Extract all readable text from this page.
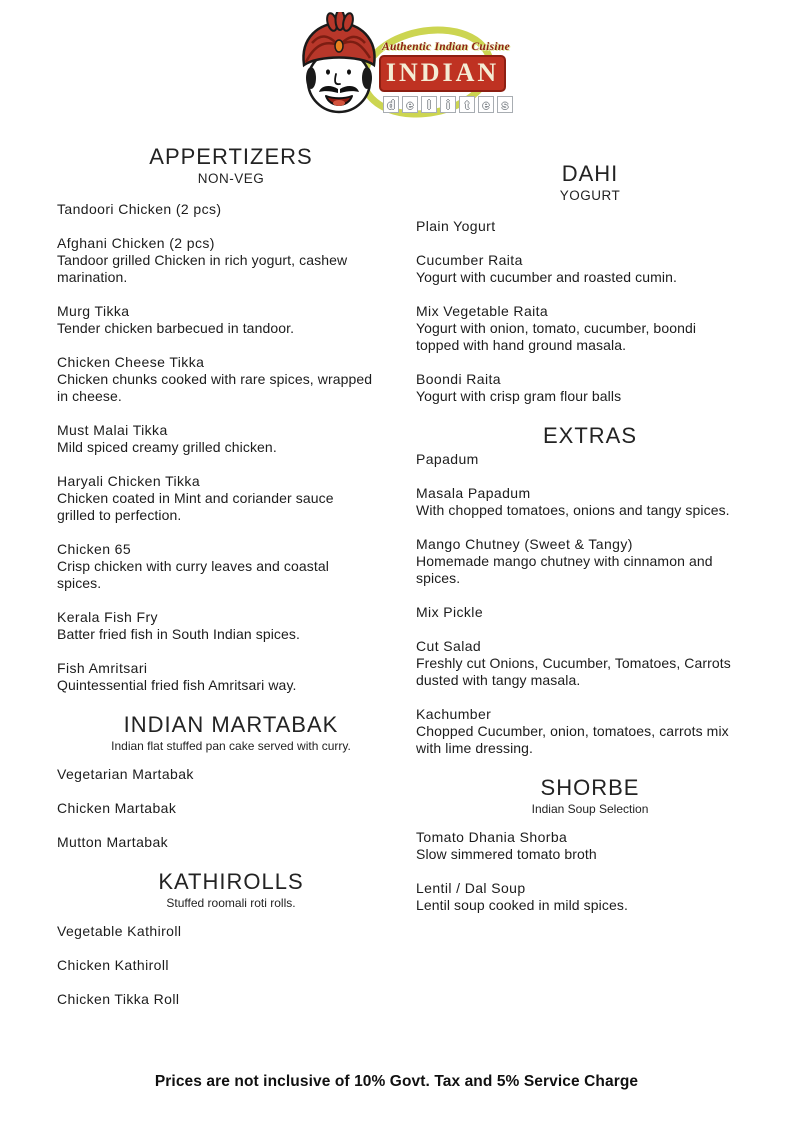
Authentic Indian Cuisine
INDIAN
d e	l	i	t	e	s
APPERTIZERS
NON-VEG
Tandoori Chicken (2 pcs)
Afghani Chicken (2 pcs)
Tandoor grilled Chicken in rich yogurt, cashew marination.
Murg Tikka
Tender chicken barbecued in tandoor.
Chicken Cheese Tikka
Chicken chunks cooked with rare spices, wrapped in cheese.
Must Malai Tikka
Mild spiced creamy grilled chicken.
Haryali Chicken Tikka
Chicken coated in Mint and coriander sauce grilled to perfection.
Chicken 65
Crisp chicken with curry leaves and coastal spices.
Kerala Fish Fry
Batter fried fish in South Indian spices.
Fish Amritsari
Quintessential fried fish Amritsari way.
INDIAN MARTABAK
Indian flat stuffed pan cake served with curry.
Vegetarian Martabak
Chicken Martabak
Mutton Martabak
KATHIROLLS
Stuffed roomali roti rolls.
Vegetable Kathiroll
Chicken Kathiroll
Chicken Tikka Roll
DAHI
YOGURT
Plain Yogurt
Cucumber Raita
Yogurt with cucumber and roasted cumin.
Mix Vegetable Raita
Yogurt with onion, tomato, cucumber, boondi topped with hand ground masala.
Boondi Raita
Yogurt with crisp gram flour balls
EXTRAS
Papadum
Masala Papadum
With chopped tomatoes, onions and tangy spices.
Mango Chutney (Sweet & Tangy)
Homemade mango chutney with cinnamon and spices.
Mix Pickle
Cut Salad
Freshly cut Onions, Cucumber, Tomatoes, Carrots dusted with tangy masala.
Kachumber
Chopped Cucumber, onion, tomatoes, carrots mix with lime dressing.
SHORBE
Indian Soup Selection
Tomato Dhania Shorba
Slow simmered tomato broth
Lentil / Dal Soup
Lentil soup cooked in mild spices.
Prices are not inclusive of 10% Govt. Tax and 5% Service Charge
